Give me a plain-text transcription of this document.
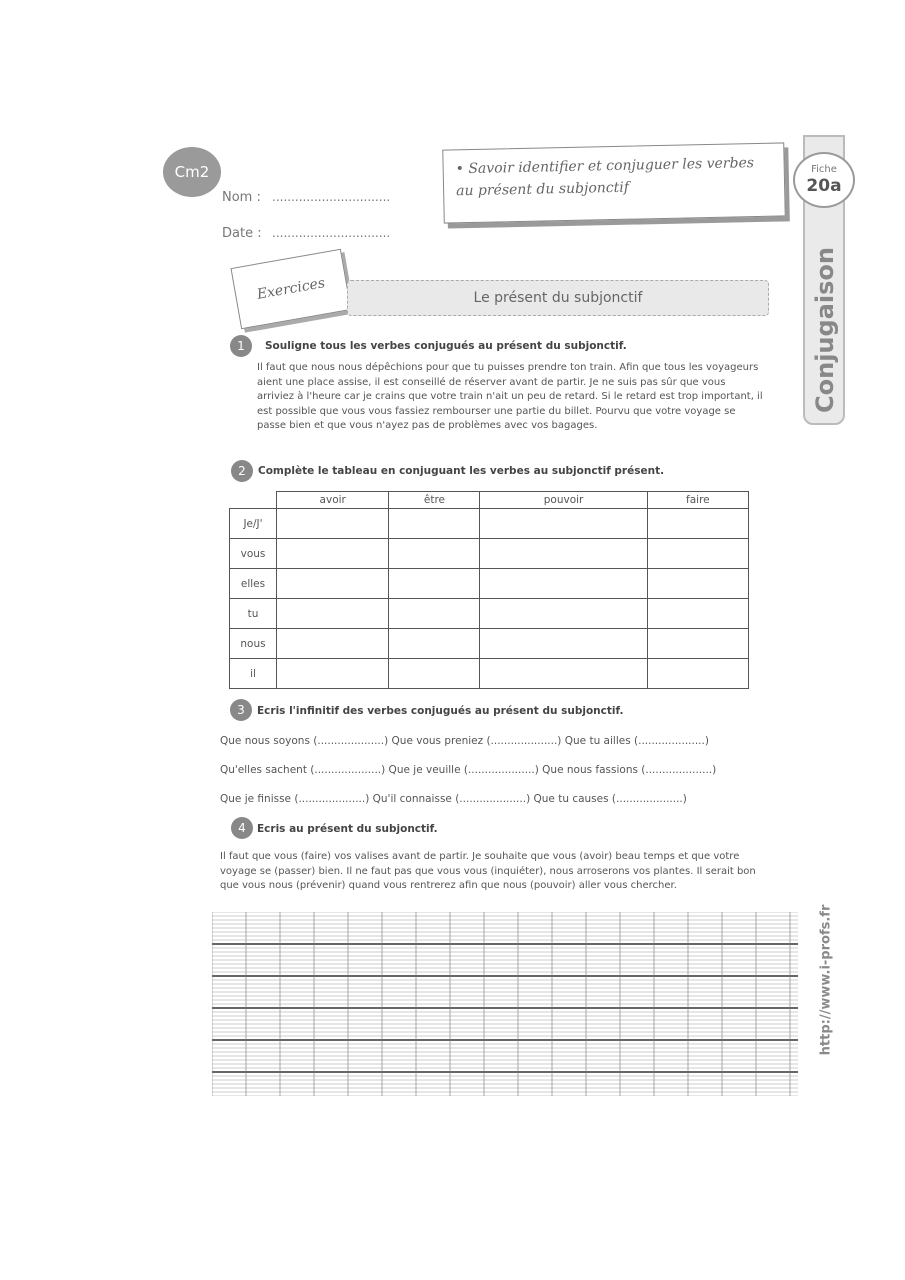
Cm2
Nom : ...............................
Date : ...............................
• Savoir identifier et conjuguer les verbes au présent du subjonctif
Conjugaison
Fiche
20a
Exercices	Le présent du subjonctif
1	Souligne tous les verbes conjugués au présent du subjonctif.
Il faut que nous nous dépêchions pour que tu puisses prendre ton train. Afin que tous les voyageurs aient une place assise, il est conseillé de réserver avant de partir. Je ne suis pas sûr que vous arriviez à l'heure car je crains que votre train n'ait un peu de retard. Si le retard est trop important, il est possible que vous vous fassiez rembourser une partie du billet. Pourvu que votre voyage se passe bien et que vous n'ayez pas de problèmes avec vos bagages.
2	Complète le tableau en conjuguant les verbes au subjonctif présent.
	avoir	être	pouvoir	faire
Je/J'				
vous				
elles				
tu				
nous				
il				
3	Ecris l'infinitif des verbes conjugués au présent du subjonctif.
Que nous soyons (....................) Que vous preniez (....................) Que tu ailles (....................)
Qu'elles sachent (....................) Que je veuille (....................) Que nous fassions (....................)
Que je finisse (....................) Qu'il connaisse (....................) Que tu causes (....................)
4	Ecris au présent du subjonctif.
Il faut que vous (faire) vos valises avant de partir. Je souhaite que vous (avoir) beau temps et que votre voyage se (passer) bien. Il ne faut pas que vous vous (inquiéter), nous arroserons vos plantes. Il serait bon que vous nous (prévenir) quand vous rentrerez afin que nous (pouvoir) aller vous chercher.
http://www.i-profs.fr
